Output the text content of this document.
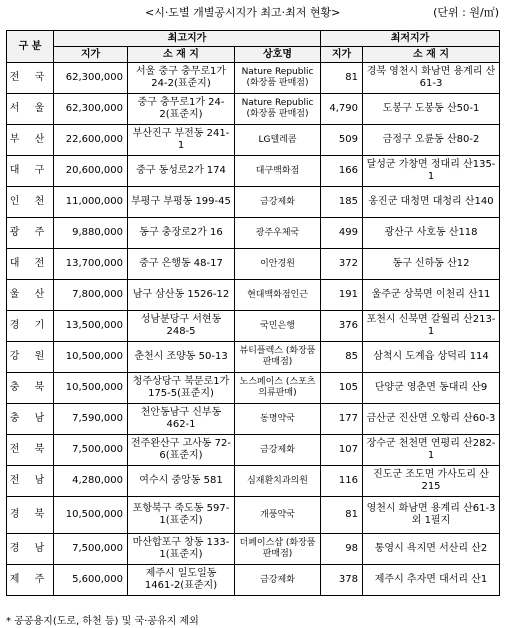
<시·도별 개별공시지가 최고·최저 현황>	(단위 : 원/㎡)
구 분	최고지가			최저지가	
	지가	소 재 지	상호명	지가	소 재 지
전 국	62,300,000	서울 중구 충무로1가 24-2(표준지)	Nature Republic (화장품 판매점)	81	경북 영천시 화남면 용계리 산61-3
서 울	62,300,000	중구 충무로1가 24-2(표준지)	Nature Republic (화장품 판매점)	4,790	도봉구 도봉동 산50-1
부 산	22,600,000	부산진구 부전동 241-1	LG텔레콤	509	금정구 오륜동 산80-2
대 구	20,600,000	중구 동성로2가 174	대구백화점	166	달성군 가창면 정대리 산135-1
인 천	11,000,000	부평구 부평동 199-45	금강제화	185	옹진군 대청면 대청리 산140
광 주	9,880,000	동구 충장로2가 16	광주우체국	499	광산구 사호동 산118
대 전	13,700,000	중구 은행동 48-17	이안경원	372	동구 신하동 산12
울 산	7,800,000	남구 삼산동 1526-12	현대백화점인근	191	울주군 상북면 이천리 산11
경 기	13,500,000	성남분당구 서현동 248-5	국민은행	376	포천시 신북면 갈월리 산213-1
강 원	10,500,000	춘천시 조양동 50-13	뷰티플렉스 (화장품판매점)	85	삼척시 도계읍 상덕리 114
충 북	10,500,000	청주상당구 북문로1가 175-5(표준지)	노스페이스 (스포츠의류판매)	105	단양군 영춘면 동대리 산9
충 남	7,590,000	천안동남구 신부동 462-1	동명약국	177	금산군 진산면 오항리 산60-3
전 북	7,500,000	전주완산구 고사동 72-6(표준지)	금강제화	107	장수군 천천면 연평리 산282-1
전 남	4,280,000	여수시 중앙동 581	심재환치과의원	116	진도군 조도면 가사도리 산215
경 북	10,500,000	포항북구 죽도동 597-1(표준지)	개풍약국	81	영천시 화남면 용계리 산61-3외 1필지
경 남	7,500,000	마산합포구 창동 133-1(표준지)	더페이스샵 (화장품판매점)	98	통영시 욕지면 서산리 산2
제 주	5,600,000	제주시 일도일동 1461-2(표준지)	금강제화	378	제주시 추자면 대서리 산1
* 공공용지(도로, 하천 등) 및 국·공유지 제외
